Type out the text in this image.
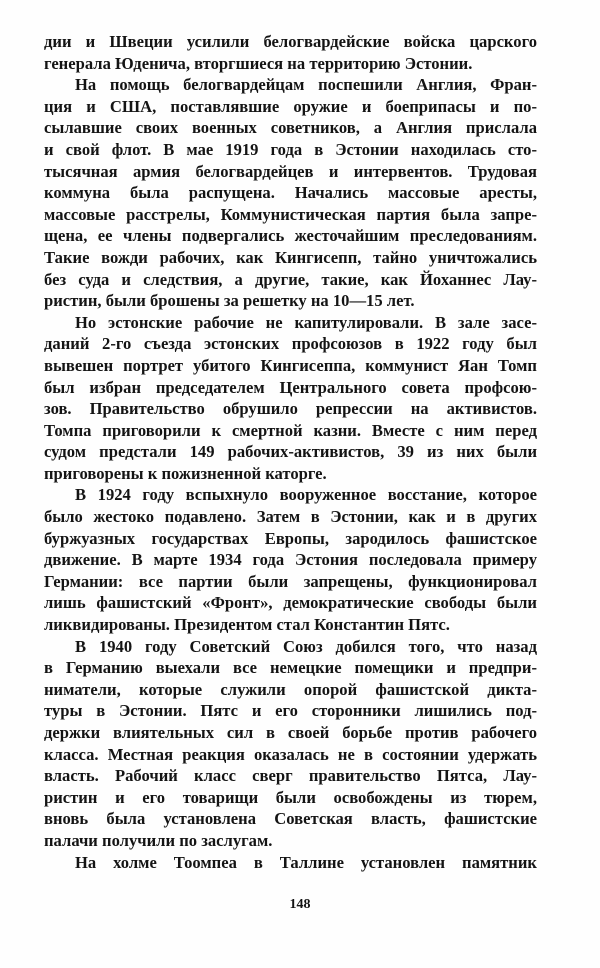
дии и Швеции усилили белогвардейские войска царского
генерала Юденича, вторгшиеся на территорию Эстонии.
На помощь белогвардейцам поспешили Англия, Фран-
ция и США, поставлявшие оружие и боеприпасы и по-
сылавшие своих военных советников, а Англия прислала
и свой флот. В мае 1919 года в Эстонии находилась сто-
тысячная армия белогвардейцев и интервентов. Трудовая
коммуна была распущена. Начались массовые аресты,
массовые расстрелы, Коммунистическая партия была запре-
щена, ее члены подвергались жесточайшим преследованиям.
Такие вожди рабочих, как Кингисепп, тайно уничтожались
без суда и следствия, а другие, такие, как Йоханнес Лау-
ристин, были брошены за решетку на 10—15 лет.
Но эстонские рабочие не капитулировали. В зале засе-
даний 2-го съезда эстонских профсоюзов в 1922 году был
вывешен портрет убитого Кингисеппа, коммунист Яан Томп
был избран председателем Центрального совета профсою-
зов. Правительство обрушило репрессии на активистов.
Томпа приговорили к смертной казни. Вместе с ним перед
судом предстали 149 рабочих-активистов, 39 из них были
приговорены к пожизненной каторге.
В 1924 году вспыхнуло вооруженное восстание, которое
было жестоко подавлено. Затем в Эстонии, как и в других
буржуазных государствах Европы, зародилось фашистское
движение. В марте 1934 года Эстония последовала примеру
Германии: все партии были запрещены, функционировал
лишь фашистский «Фронт», демократические свободы были
ликвидированы. Президентом стал Константин Пятс.
В 1940 году Советский Союз добился того, что назад
в Германию выехали все немецкие помещики и предпри-
ниматели, которые служили опорой фашистской дикта-
туры в Эстонии. Пятс и его сторонники лишились под-
держки влиятельных сил в своей борьбе против рабочего
класса. Местная реакция оказалась не в состоянии удержать
власть. Рабочий класс сверг правительство Пятса, Лау-
ристин и его товарищи были освобождены из тюрем,
вновь была установлена Советская власть, фашистские
палачи получили по заслугам.
На холме Тоомпеа в Таллине установлен памятник
148
